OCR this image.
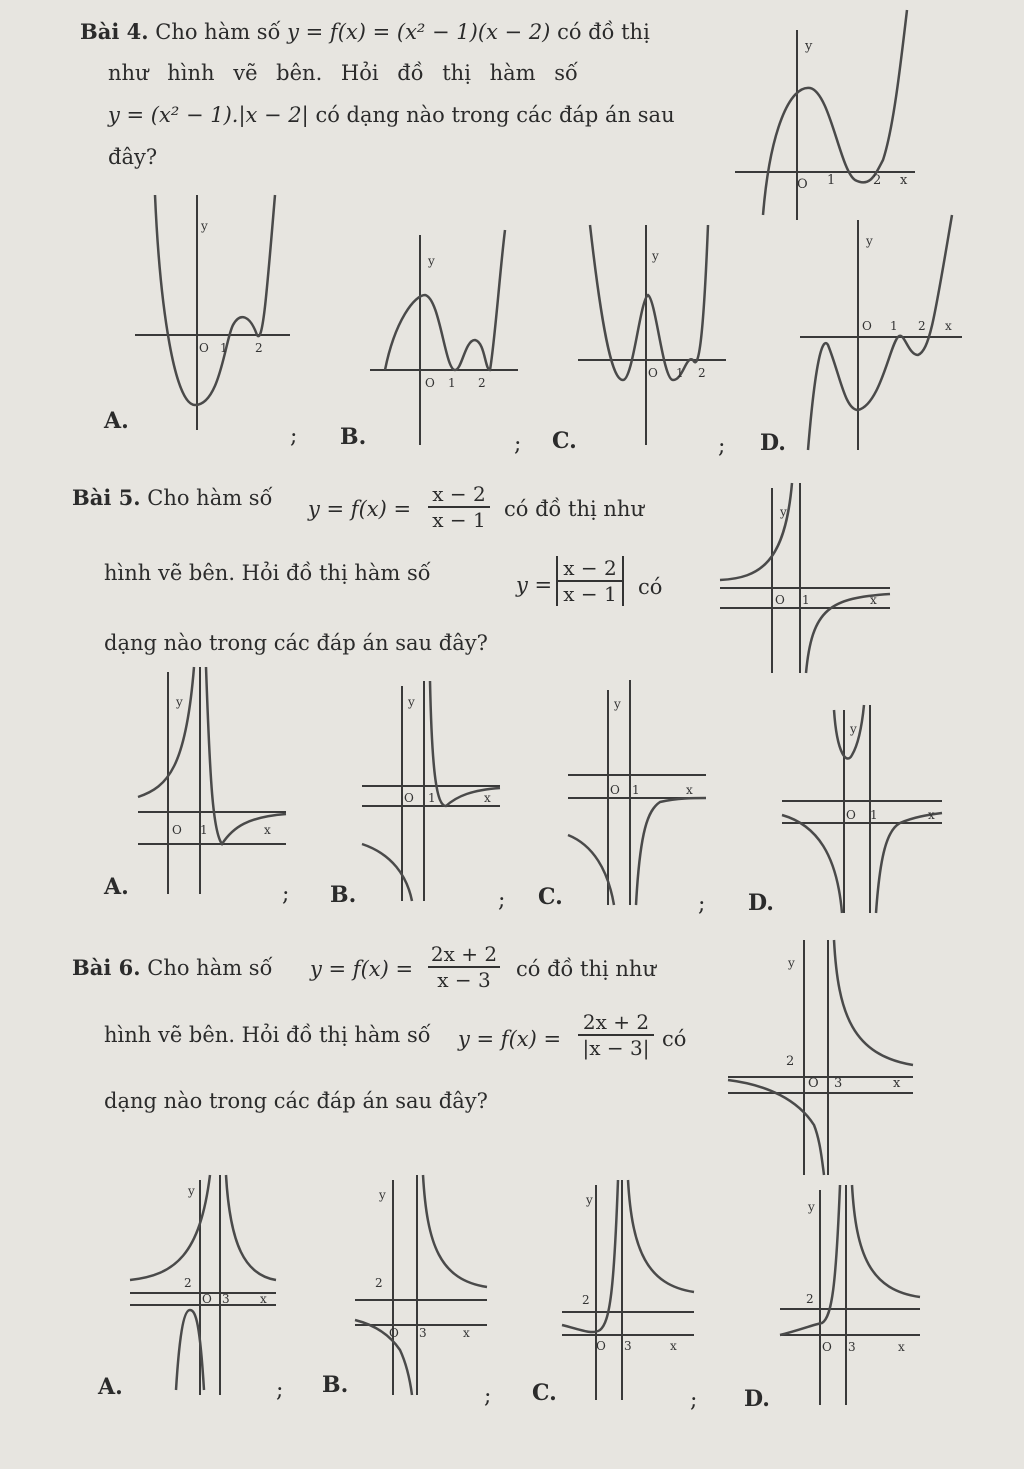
Bài 4. Cho hàm số y = f(x) = (x² − 1)(x − 2) có đồ thị
như hình vẽ bên. Hỏi đồ thị hàm số
y = (x² − 1).|x − 2| có dạng nào trong các đáp án sau
đây?
y
O 1	2 x
y
O 1 2
y
O 1 2
y
O 1 2
y
O 1 2 x
A.
; B.	; C.	; D.
Bài 5. Cho hàm số $y = f(x) = \frac{x - 2}{x - 1}$ có đồ thị như
hình vẽ bên. Hỏi đồ thị hàm số	$y = \frac{x - 2}{x - 1}$ có
dạng nào trong các đáp án sau đây?
y
O 1	x
y
O 1	x
y
O 1	x
y
O 1	x
y
O 1	x
A.	; B.	; C.	; D.
Bài 6. Cho hàm số $y = f(x) = \frac{2x + 2}{x - 3}$ có đồ thị như
hình vẽ bên. Hỏi đồ thị hàm số $y = f(x) = \frac{2x + 2}{|x - 3|}$ có
dạng nào trong các đáp án sau đây?
y
2
O 3	x
y
2
O 3	x
y
2
O 3	x
y
2
O 3	x
y
2
O 3	x
A.	; B.	; C.	; D.
